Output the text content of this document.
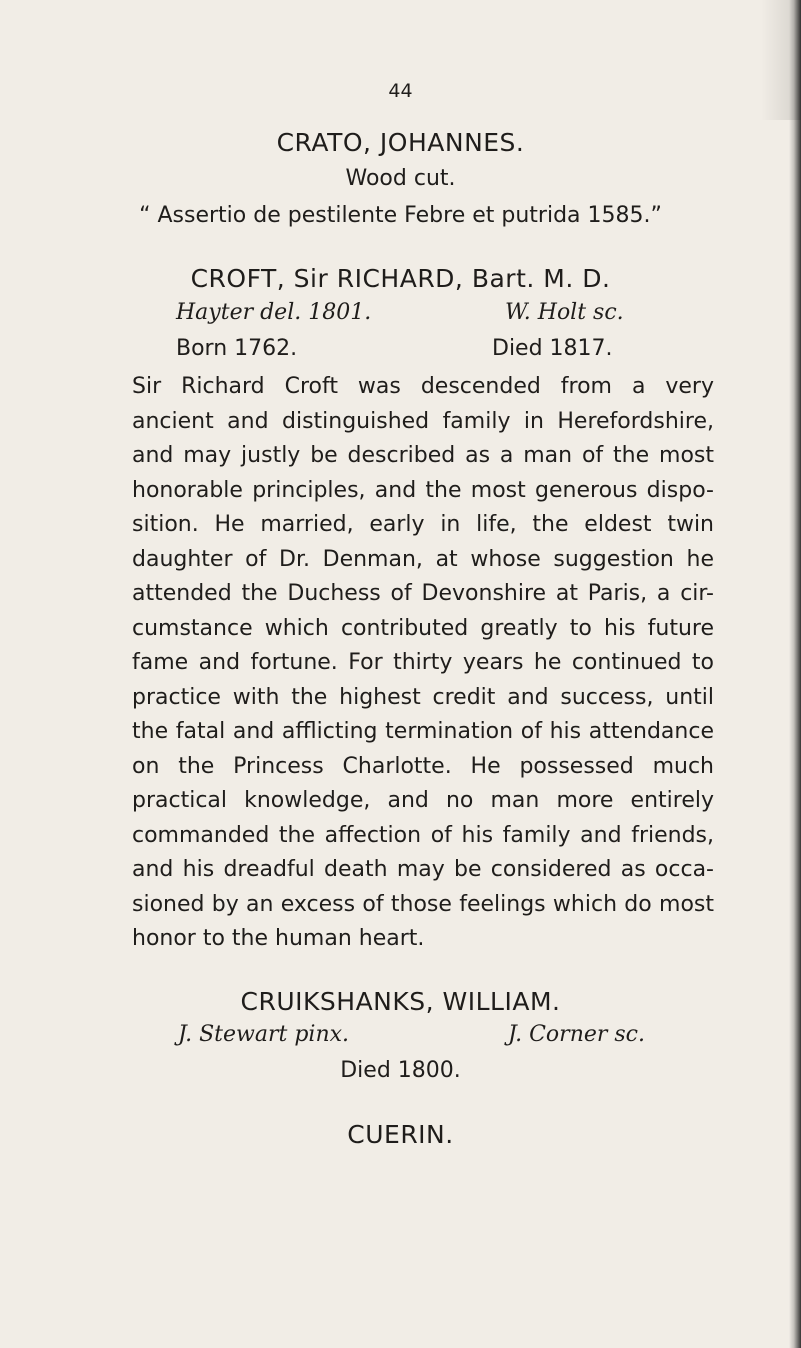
44
CRATO, JOHANNES.
Wood cut.
“ Assertio de pestilente Febre et putrida 1585.”
CROFT, Sir RICHARD, Bart. M. D.
Hayter del. 1801.	W. Holt sc.
Born 1762.	Died 1817.
Sir Richard Croft was descended from a very
ancient and distinguished family in Herefordshire,
and may justly be described as a man of the most
honorable principles, and the most generous dispo-
sition. He married, early in life, the eldest twin
daughter of Dr. Denman, at whose suggestion he
attended the Duchess of Devonshire at Paris, a cir-
cumstance which contributed greatly to his future
fame and fortune. For thirty years he continued to
practice with the highest credit and success, until
the fatal and afflicting termination of his attendance
on the Princess Charlotte. He possessed much
practical knowledge, and no man more entirely
commanded the affection of his family and friends,
and his dreadful death may be considered as occa-
sioned by an excess of those feelings which do most
honor to the human heart.
CRUIKSHANKS, WILLIAM.
J. Stewart pinx.	J. Corner sc.
Died 1800.
CUERIN.
